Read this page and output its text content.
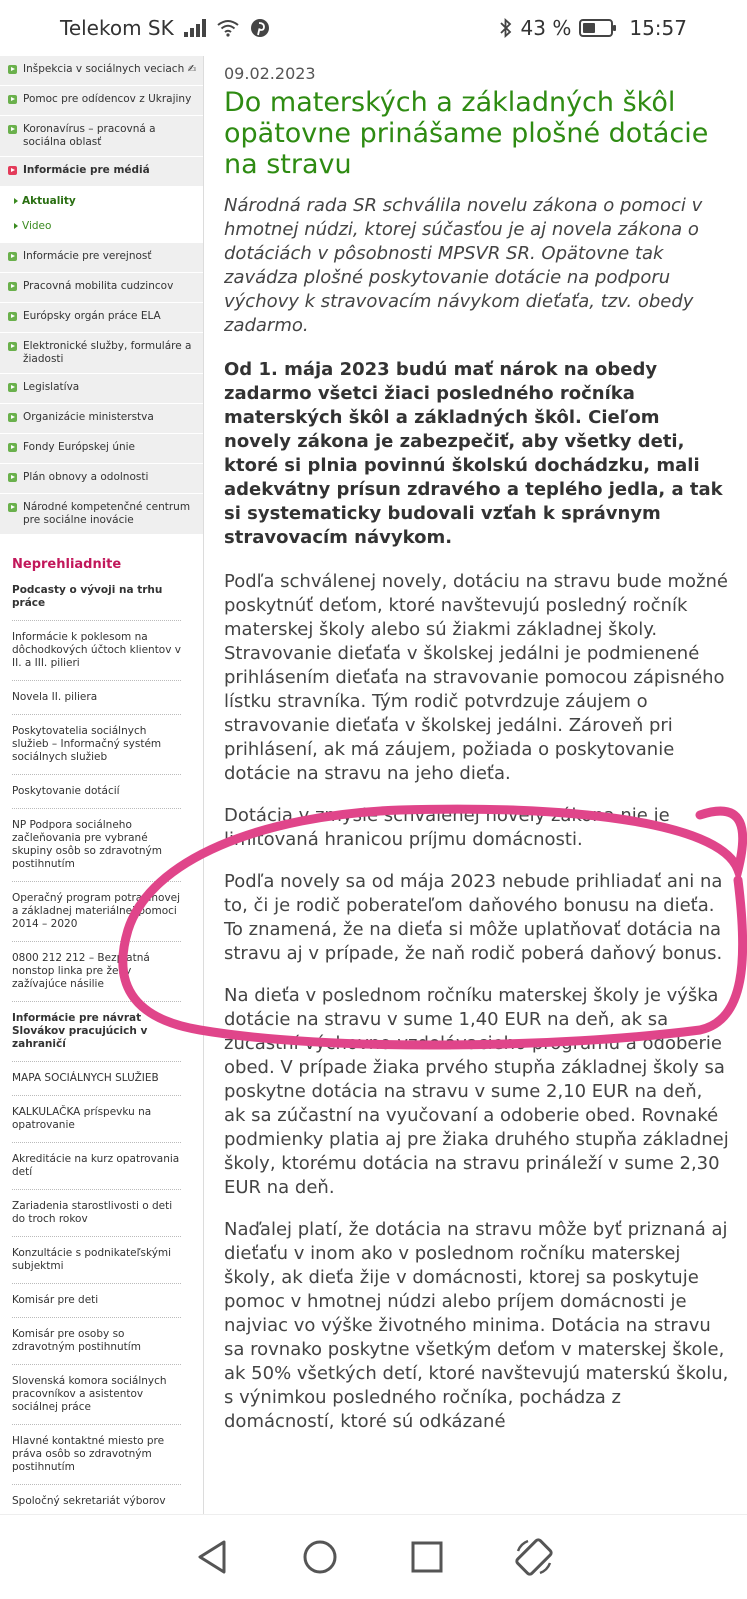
Telekom SK	43 %	15:57
Inšpekcia v sociálnych veciach ✍
Pomoc pre odídencov z Ukrajiny
Koronavírus – pracovná a sociálna oblasť
Informácie pre médiá
Aktuality
Video
Informácie pre verejnosť
Pracovná mobilita cudzincov
Európsky orgán práce ELA
Elektronické služby, formuláre a žiadosti
Legislatíva
Organizácie ministerstva
Fondy Európskej únie
Plán obnovy a odolnosti
Národné kompetenčné centrum pre sociálne inovácie
Neprehliadnite
Podcasty o vývoji na trhu práce
Informácie k poklesom na dôchodkových účtoch klientov v II. a III. pilieri
Novela II. piliera
Poskytovatelia sociálnych služieb – Informačný systém sociálnych služieb
Poskytovanie dotácií
NP Podpora sociálneho začleňovania pre vybrané skupiny osôb so zdravotným postihnutím
Operačný program potravinovej a základnej materiálnej pomoci 2014 – 2020
0800 212 212 – Bezplatná nonstop linka pre ženy zažívajúce násilie
Informácie pre návrat Slovákov pracujúcich v zahraničí
MAPA SOCIÁLNYCH SLUŽIEB
KALKULAČKA príspevku na opatrovanie
Akreditácie na kurz opatrovania detí
Zariadenia starostlivosti o deti do troch rokov
Konzultácie s podnikateľskými subjektmi
Komisár pre deti
Komisár pre osoby so zdravotným postihnutím
Slovenská komora sociálnych pracovníkov a asistentov sociálnej práce
Hlavné kontaktné miesto pre práva osôb so zdravotným postihnutím
Spoločný sekretariát výborov
09.02.2023
Do materských a základných škôl opätovne prinášame plošné dotácie na stravu

Národná rada SR schválila novelu zákona o pomoci v hmotnej núdzi, ktorej súčasťou je aj novela zákona o dotáciách v pôsobnosti MPSVR SR. Opätovne tak zavádza plošné poskytovanie dotácie na podporu výchovy k stravovacím návykom dieťaťa, tzv. obedy zadarmo.

Od 1. mája 2023 budú mať nárok na obedy zadarmo všetci žiaci posledného ročníka materských škôl a základných škôl. Cieľom novely zákona je zabezpečiť, aby všetky deti, ktoré si plnia povinnú školskú dochádzku, mali adekvátny prísun zdravého a teplého jedla, a tak si systematicky budovali vzťah k správnym stravovacím návykom.

Podľa schválenej novely, dotáciu na stravu bude možné poskytnúť deťom, ktoré navštevujú posledný ročník materskej školy alebo sú žiakmi základnej školy. Stravovanie dieťaťa v školskej jedálni je podmienené prihlásením dieťaťa na stravovanie pomocou zápisného lístku stravníka. Tým rodič potvrdzuje záujem o stravovanie dieťaťa v školskej jedálni. Zároveň pri prihlásení, ak má záujem, požiada o poskytovanie dotácie na stravu na jeho dieťa.

Dotácia v zmysle schválenej novely zákona nie je limitovaná hranicou príjmu domácnosti.

Podľa novely sa od mája 2023 nebude prihliadať ani na to, či je rodič poberateľom daňového bonusu na dieťa. To znamená, že na dieťa si môže uplatňovať dotácia na stravu aj v prípade, že naň rodič poberá daňový bonus.

Na dieťa v poslednom ročníku materskej školy je výška dotácie na stravu v sume 1,40 EUR na deň, ak sa zúčastní výchovno-vzdelávacieho programu a odoberie obed. V prípade žiaka prvého stupňa základnej školy sa poskytne dotácia na stravu v sume 2,10 EUR na deň, ak sa zúčastní na vyučovaní a odoberie obed. Rovnaké podmienky platia aj pre žiaka druhého stupňa základnej školy, ktorému dotácia na stravu prináleží v sume 2,30 EUR na deň.

Naďalej platí, že dotácia na stravu môže byť priznaná aj dieťaťu v inom ako v poslednom ročníku materskej školy, ak dieťa žije v domácnosti, ktorej sa poskytuje pomoc v hmotnej núdzi alebo príjem domácnosti je najviac vo výške životného minima. Dotácia na stravu sa rovnako poskytne všetkým deťom v materskej škole, ak 50% všetkých detí, ktoré navštevujú materskú školu, s výnimkou posledného ročníka, pochádza z domácností, ktoré sú odkázané
